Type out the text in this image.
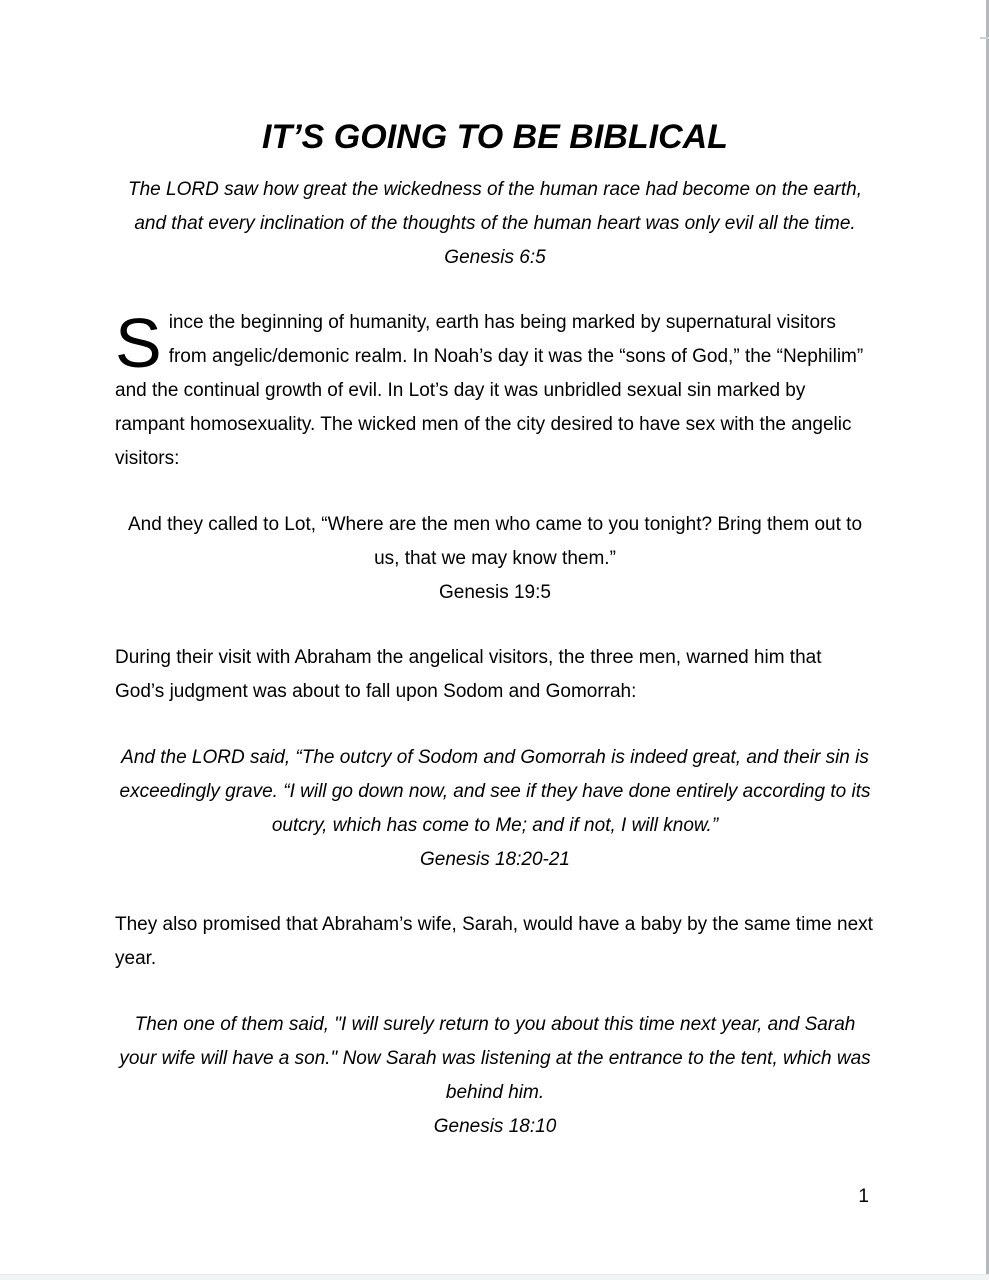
IT’S GOING TO BE BIBLICAL
The LORD saw how great the wickedness of the human race had become on the earth, and that every inclination of the thoughts of the human heart was only evil all the time.
Genesis 6:5

Since the beginning of humanity, earth has being marked by supernatural visitors from angelic/demonic realm. In Noah’s day it was the “sons of God,” the “Nephilim” and the continual growth of evil. In Lot’s day it was unbridled sexual sin marked by rampant homosexuality. The wicked men of the city desired to have sex with the angelic visitors:

And they called to Lot, “Where are the men who came to you tonight? Bring them out to us, that we may know them.”
Genesis 19:5

During their visit with Abraham the angelical visitors, the three men, warned him that God’s judgment was about to fall upon Sodom and Gomorrah:

And the LORD said, “The outcry of Sodom and Gomorrah is indeed great, and their sin is exceedingly grave. “I will go down now, and see if they have done entirely according to its outcry, which has come to Me; and if not, I will know.”
Genesis 18:20-21

They also promised that Abraham’s wife, Sarah, would have a baby by the same time next year.

Then one of them said, "I will surely return to you about this time next year, and Sarah your wife will have a son." Now Sarah was listening at the entrance to the tent, which was behind him.
Genesis 18:10
1
